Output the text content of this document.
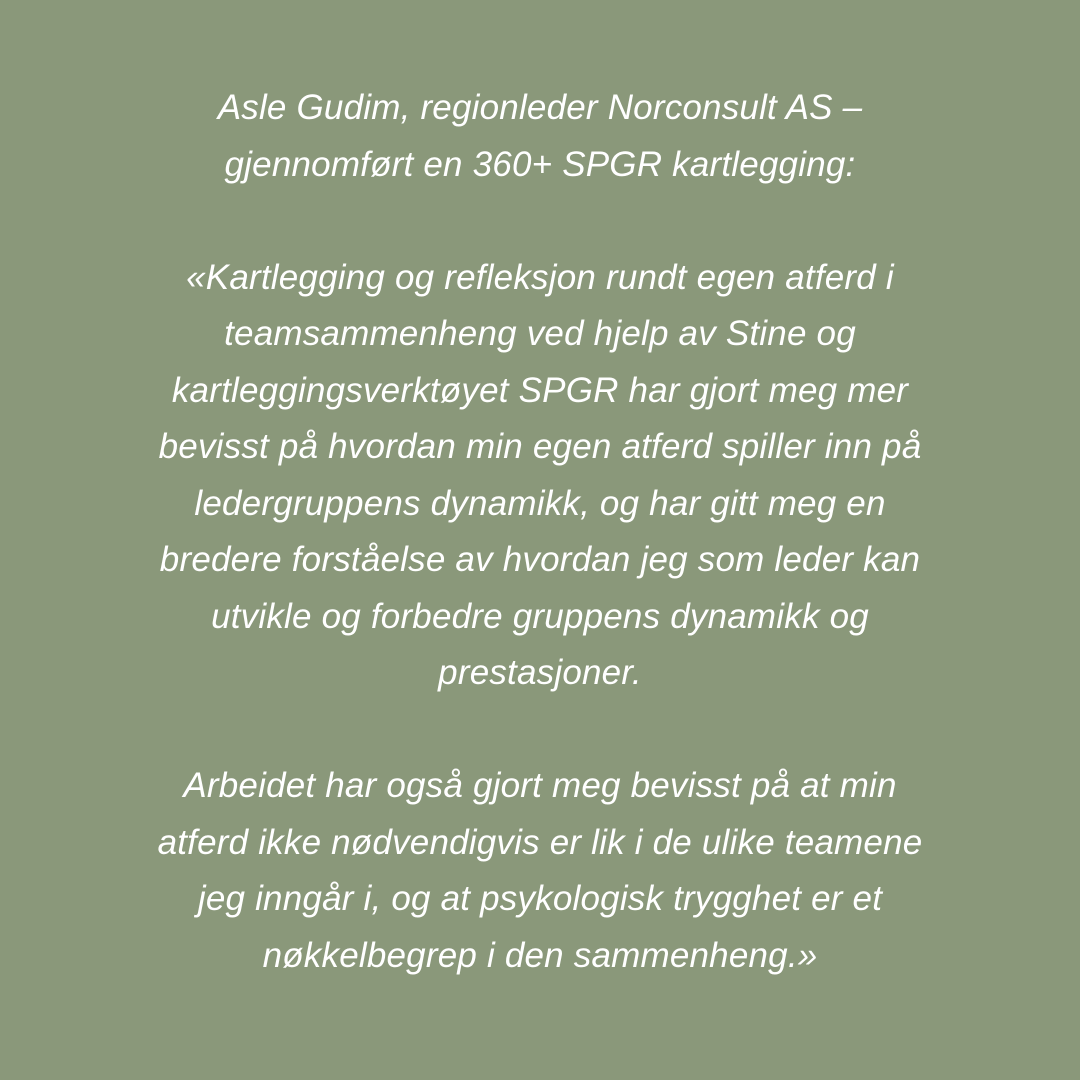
Asle Gudim, regionleder Norconsult AS –
gjennomført en 360+ SPGR kartlegging:
«Kartlegging og refleksjon rundt egen atferd i
teamsammenheng ved hjelp av Stine og
kartleggingsverktøyet SPGR har gjort meg mer
bevisst på hvordan min egen atferd spiller inn på
ledergruppens dynamikk, og har gitt meg en
bredere forståelse av hvordan jeg som leder kan
utvikle og forbedre gruppens dynamikk og
prestasjoner.
Arbeidet har også gjort meg bevisst på at min
atferd ikke nødvendigvis er lik i de ulike teamene
jeg inngår i, og at psykologisk trygghet er et
nøkkelbegrep i den sammenheng.»
